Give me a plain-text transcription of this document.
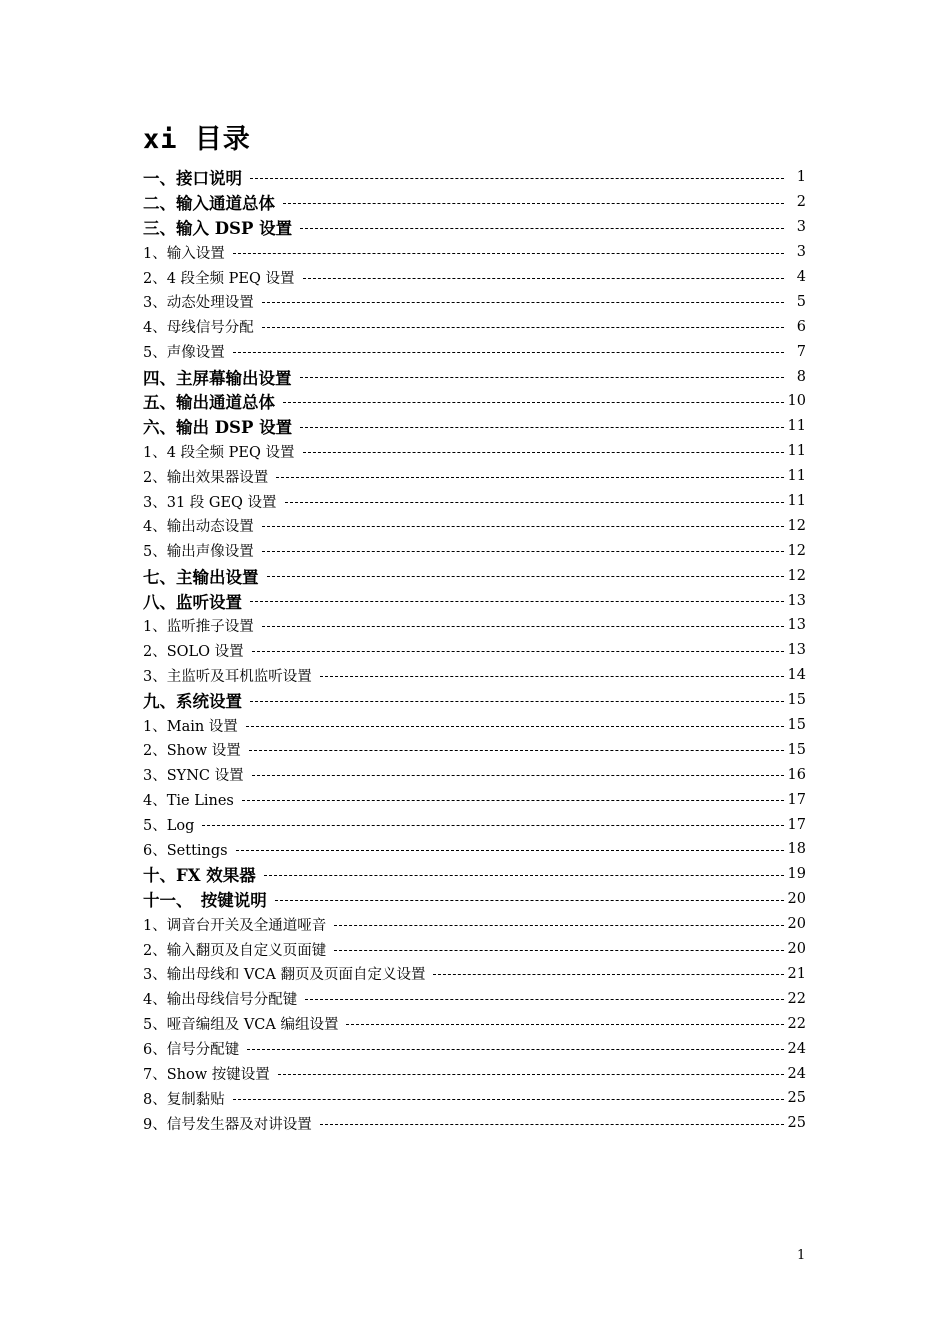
xi 目录
一、接口说明	1
二、输入通道总体	2
三、输入 DSP 设置	3
1、输入设置	3
2、4 段全频 PEQ 设置	4
3、动态处理设置	5
4、母线信号分配	6
5、声像设置	7
四、主屏幕输出设置	8
五、输出通道总体	10
六、输出 DSP 设置	11
1、4 段全频 PEQ 设置	11
2、输出效果器设置	11
3、31 段 GEQ 设置	11
4、输出动态设置	12
5、输出声像设置	12
七、主输出设置	12
八、监听设置	13
1、监听推子设置	13
2、SOLO 设置	13
3、主监听及耳机监听设置	14
九、系统设置	15
1、Main 设置	15
2、Show 设置	15
3、SYNC 设置	16
4、Tie Lines	17
5、Log	17
6、Settings	18
十、FX 效果器	19
十一、　按键说明	20
1、调音台开关及全通道哑音	20
2、输入翻页及自定义页面键	20
3、输出母线和 VCA 翻页及页面自定义设置	21
4、输出母线信号分配键	22
5、哑音编组及 VCA 编组设置	22
6、信号分配键	24
7、Show 按键设置	24
8、复制黏贴	25
9、信号发生器及对讲设置	25
1
